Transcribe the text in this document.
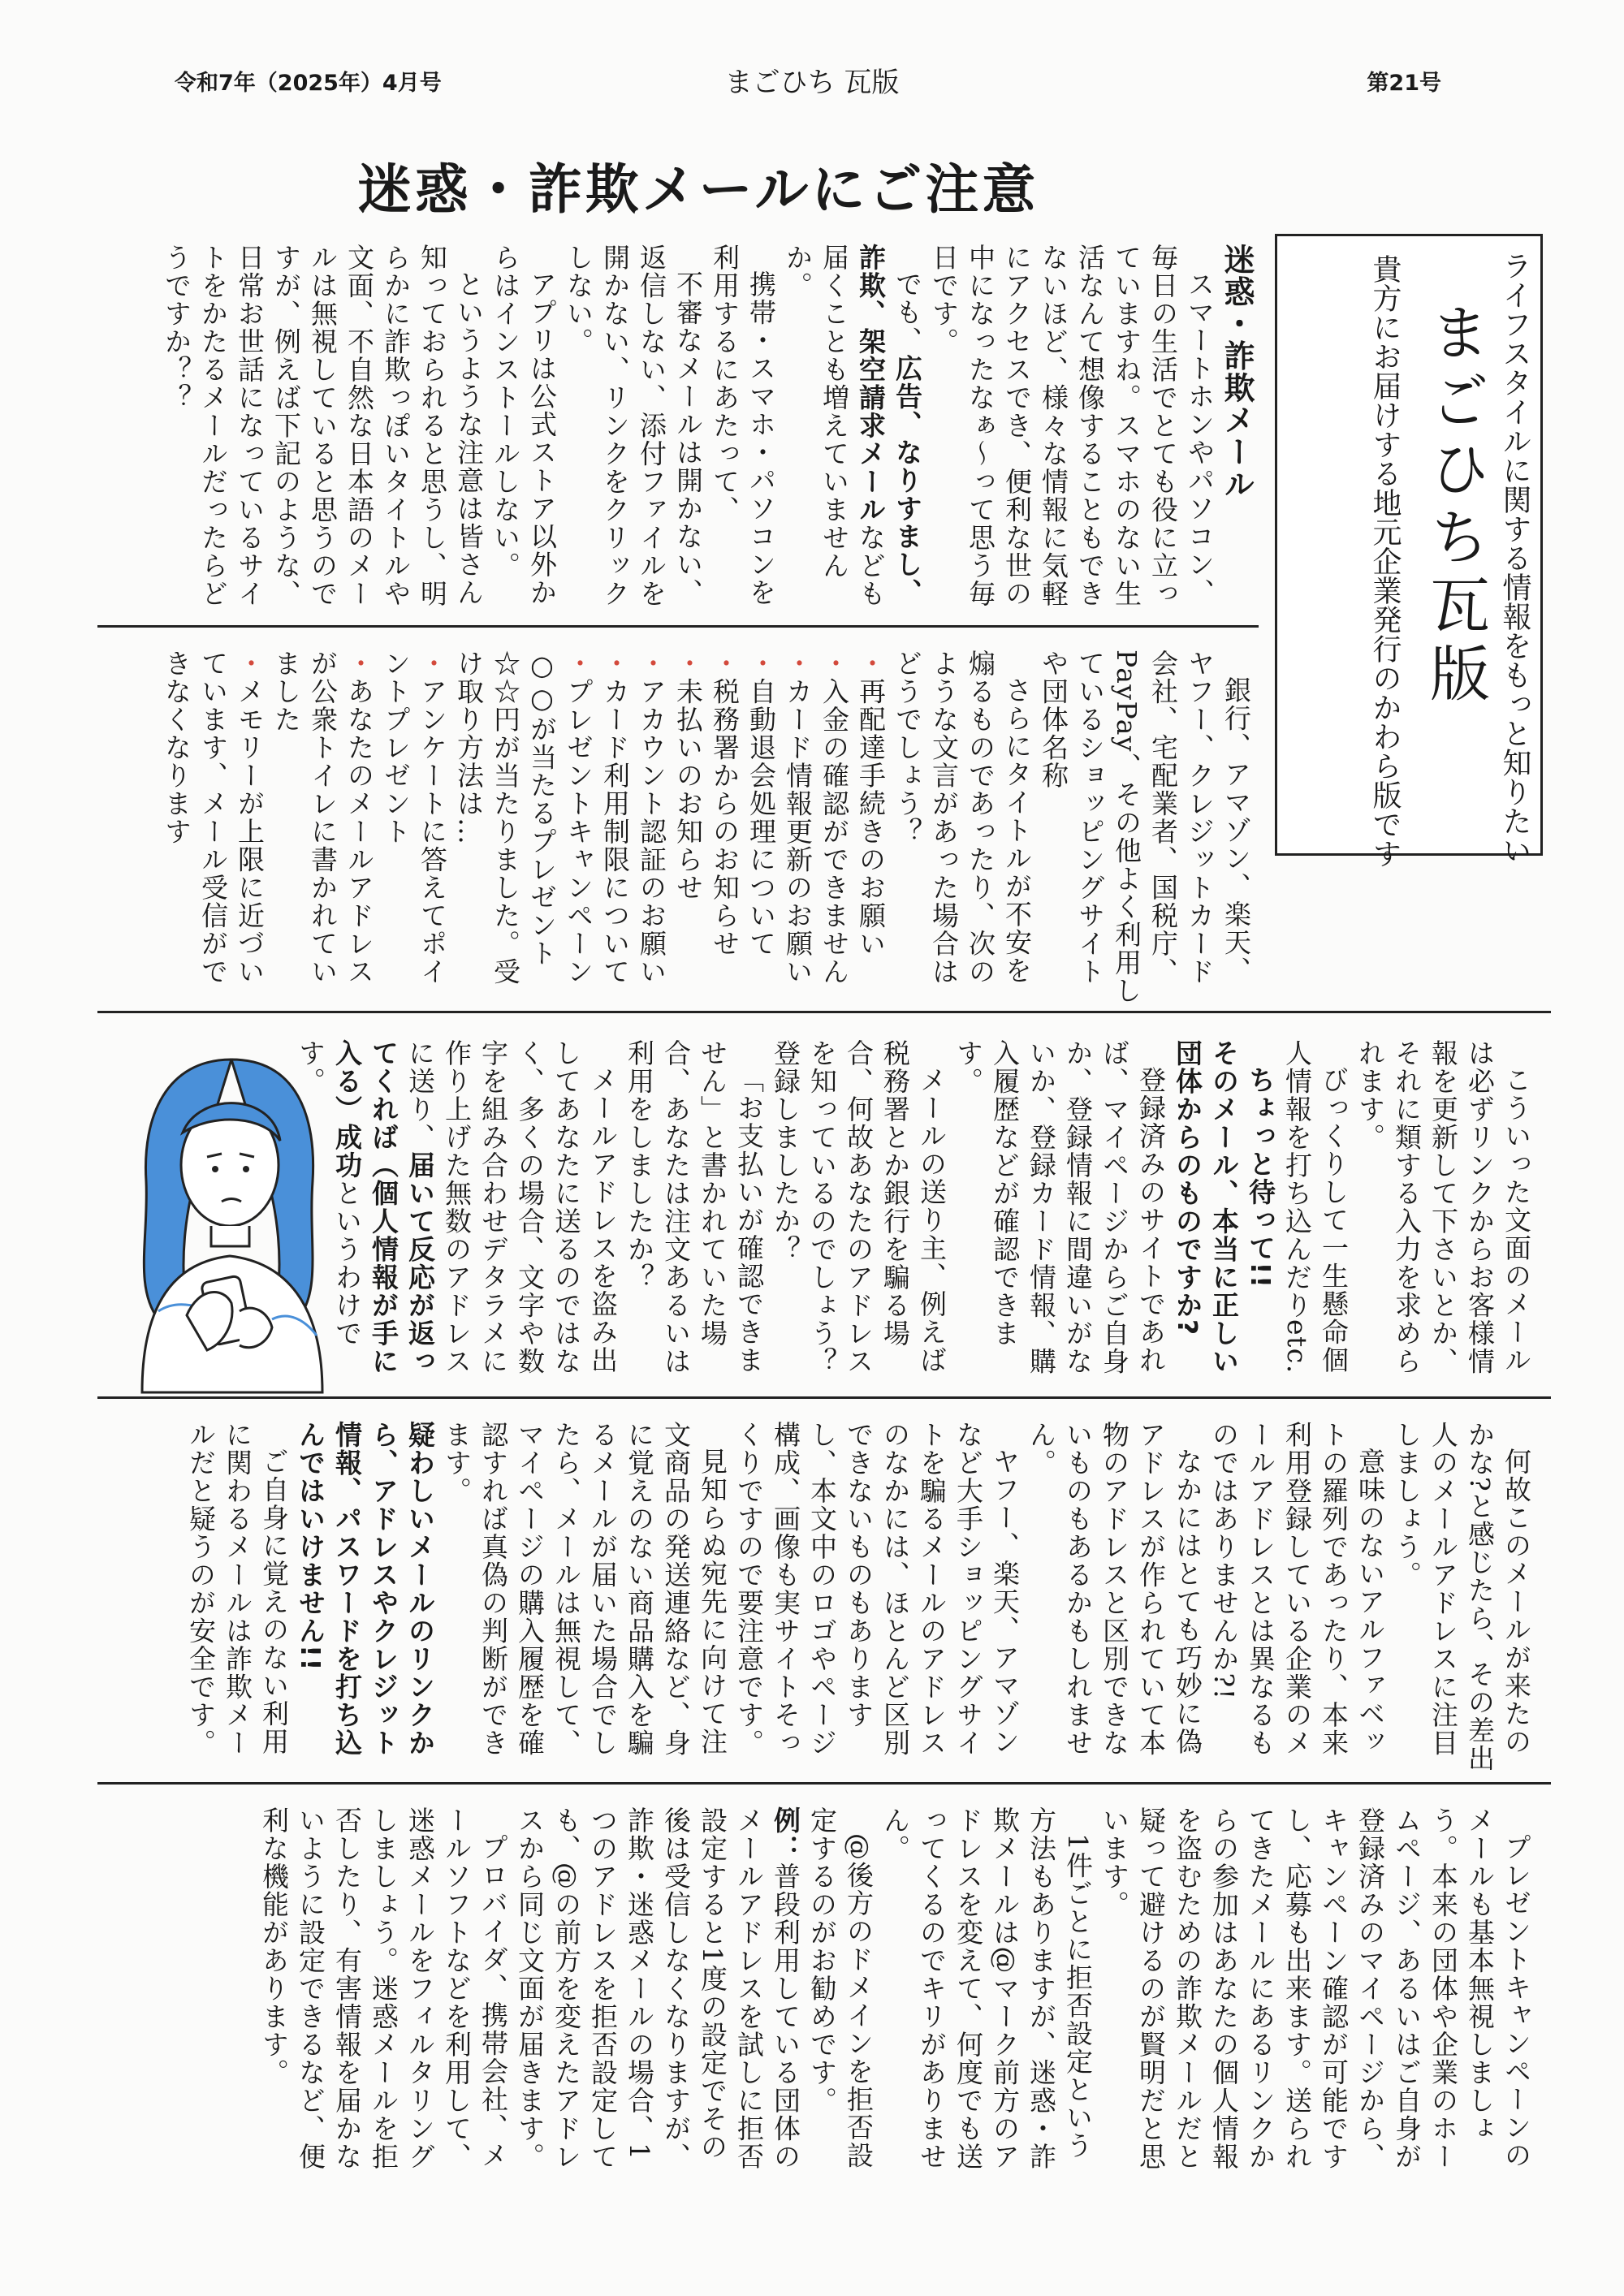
令和7年（2025年）4月号	まごひち 瓦版	第21号
迷惑・詐欺メールにご注意
ライフスタイルに関する情報をもっと知りたい
まごひち瓦版
貴方にお届けする地元企業発行のかわら版です

迷惑・詐欺メール

スマートホンやパソコン、毎日の生活でとても役に立っていますね。スマホのない生活なんて想像することもできないほど、様々な情報に気軽にアクセスでき、便利な世の中になったなぁ～って思う毎日です。

でも、広告、なりすまし、詐欺、架空請求メールなども届くことも増えていませんか。

携帯・スマホ・パソコンを利用するにあたって、

不審なメールは開かない、返信しない、添付ファイルを開かない、リンクをクリックしない。

アプリは公式ストア以外からはインストールしない。

というような注意は皆さん知っておられると思うし、明らかに詐欺っぽいタイトルや文面、不自然な日本語のメールは無視していると思うのですが、例えば下記のような、日常お世話になっているサイトをかたるメールだったらどうですか？？

銀行、アマゾン、楽天、ヤフー、クレジットカード会社、宅配業者、国税庁、PayPay、その他よく利用しているショッピングサイトや団体名称

さらにタイトルが不安を煽るものであったり、次のような文言があった場合はどうでしょう？

・ 再配達手続きのお願い

・ 入金の確認ができません

・ カード情報更新のお願い

・ 自動退会処理について

・ 税務署からのお知らせ

・ 未払いのお知らせ

・ アカウント認証のお願い

・ カード利用制限について

・ プレゼントキャンペーン○○が当たるプレゼント☆☆円が当たりました。受け取り方法は…

・ アンケートに答えてポイントプレゼント

・ あなたのメールアドレスが公衆トイレに書かれていました

・ メモリーが上限に近づいています、メール受信ができなくなります

こういった文面のメールは必ずリンクからお客様情報を更新して下さいとか、それに類する入力を求められます。

びっくりして一生懸命個人情報を打ち込んだりetc.

ちょっと待って!!

そのメール、本当に正しい団体からのものですか?

登録済みのサイトであれば、マイページからご自身か、登録情報に間違いがないか、登録カード情報、購入履歴などが確認できます。

メールの送り主、例えば税務署とか銀行を騙る場合、何故あなたのアドレスを知っているのでしょう？登録しましたか？

「お支払いが確認できません」と書かれていた場合、あなたは注文あるいは利用をしましたか？

メールアドレスを盗み出してあなたに送るのではなく、多くの場合、文字や数字を組み合わせデタラメに作り上げた無数のアドレスに送り、届いて反応が返ってくれば（個人情報が手に入る）成功というわけです。

何故このメールが来たのかな?と感じたら、その差出人のメールアドレスに注目しましょう。

意味のないアルファベットの羅列であったり、本来利用登録している企業のメールアドレスとは異なるものではありませんか?!

なかにはとても巧妙に偽アドレスが作られていて本物のアドレスと区別できないものもあるかもしれません。

ヤフー、楽天、アマゾンなど大手ショッピングサイトを騙るメールのアドレスのなかには、ほとんど区別できないものもありますし、本文中のロゴやページ構成、画像も実サイトそっくりですので要注意です。

見知らぬ宛先に向けて注文商品の発送連絡など、身に覚えのない商品購入を騙るメールが届いた場合でしたら、メールは無視して、マイページの購入履歴を確認すれば真偽の判断ができます。

疑わしいメールのリンクから、アドレスやクレジット情報、パスワードを打ち込んではいけません!!

ご自身に覚えのない利用に関わるメールは詐欺メールだと疑うのが安全です。

プレゼントキャンペーンのメールも基本無視しましょう。本来の団体や企業のホームページ、あるいはご自身が登録済みのマイページから、キャンペーン確認が可能ですし、応募も出来ます。送られてきたメールにあるリンクからの参加はあなたの個人情報を盗むための詐欺メールだと疑って避けるのが賢明だと思います。

1件ごとに拒否設定という方法もありますが、迷惑・詐欺メールは@マーク前方のアドレスを変えて、何度でも送ってくるのでキリがありません。

@後方のドメインを拒否設定するのがお勧めです。

例：普段利用している団体のメールアドレスを試しに拒否設定すると1度の設定でその後は受信しなくなりますが、詐欺・迷惑メールの場合、1つのアドレスを拒否設定しても、@の前方を変えたアドレスから同じ文面が届きます。

プロバイダ、携帯会社、メールソフトなどを利用して、迷惑メールをフィルタリングしましょう。迷惑メールを拒否したり、有害情報を届かないように設定できるなど、便利な機能があります。
